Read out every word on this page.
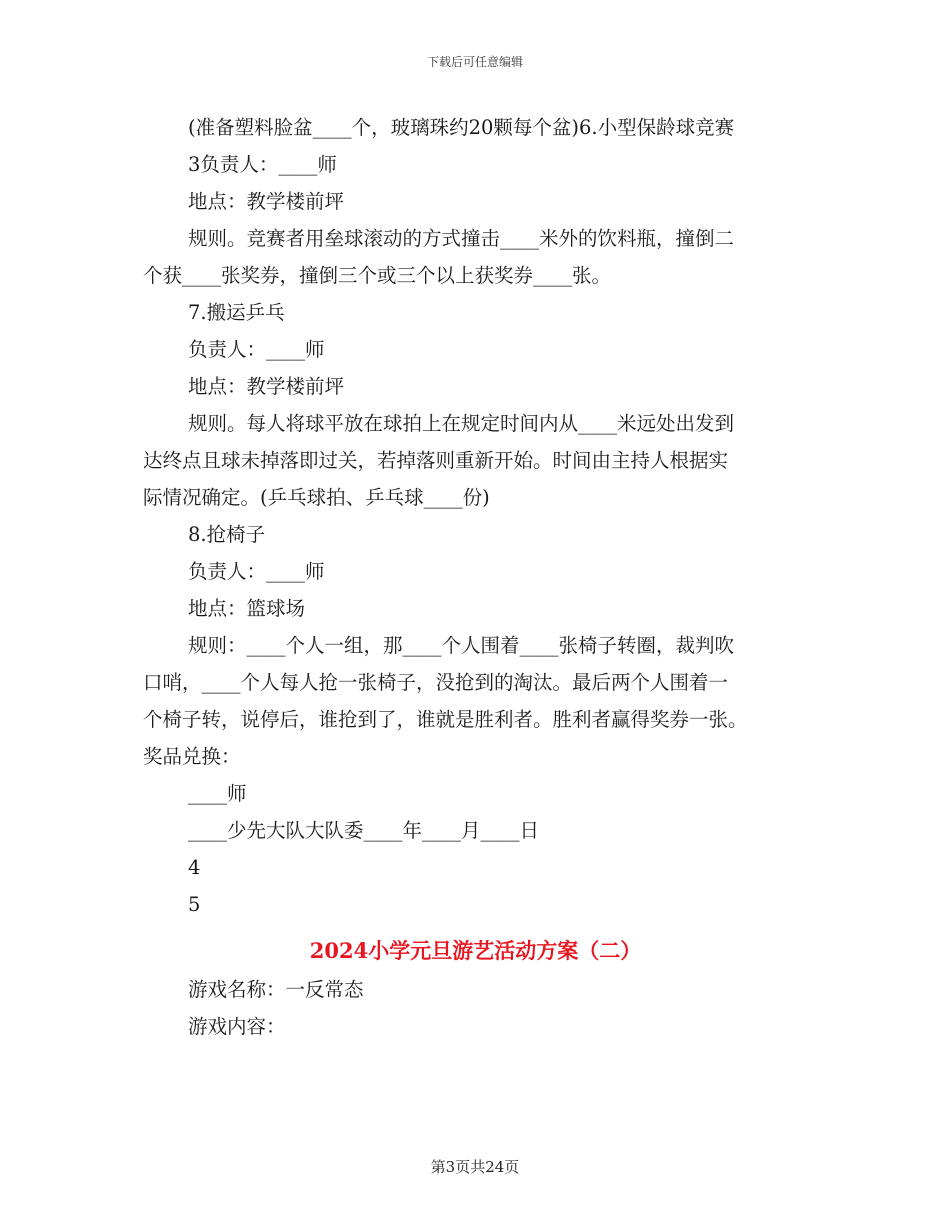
下载后可任意编辑

(准备塑料脸盆____个，玻璃珠约20颗每个盆)6.小型保龄球竞赛

3负责人：____师

地点：教学楼前坪

规则。竞赛者用垒球滚动的方式撞击____米外的饮料瓶，撞倒二

个获____张奖券，撞倒三个或三个以上获奖券____张。

7.搬运乒乓

负责人：____师

地点：教学楼前坪

规则。每人将球平放在球拍上在规定时间内从____米远处出发到

达终点且球未掉落即过关，若掉落则重新开始。时间由主持人根据实

际情况确定。(乒乓球拍、乒乓球____份)

8.抢椅子

负责人：____师

地点：篮球场

规则：____个人一组，那____个人围着____张椅子转圈，裁判吹

口哨，____个人每人抢一张椅子，没抢到的淘汰。最后两个人围着一

个椅子转，说停后，谁抢到了，谁就是胜利者。胜利者赢得奖券一张。

奖品兑换：

____师

____少先大队大队委____年____月____日

4

5

2024小学元旦游艺活动方案（二）

游戏名称：一反常态

游戏内容：

第3页共24页
